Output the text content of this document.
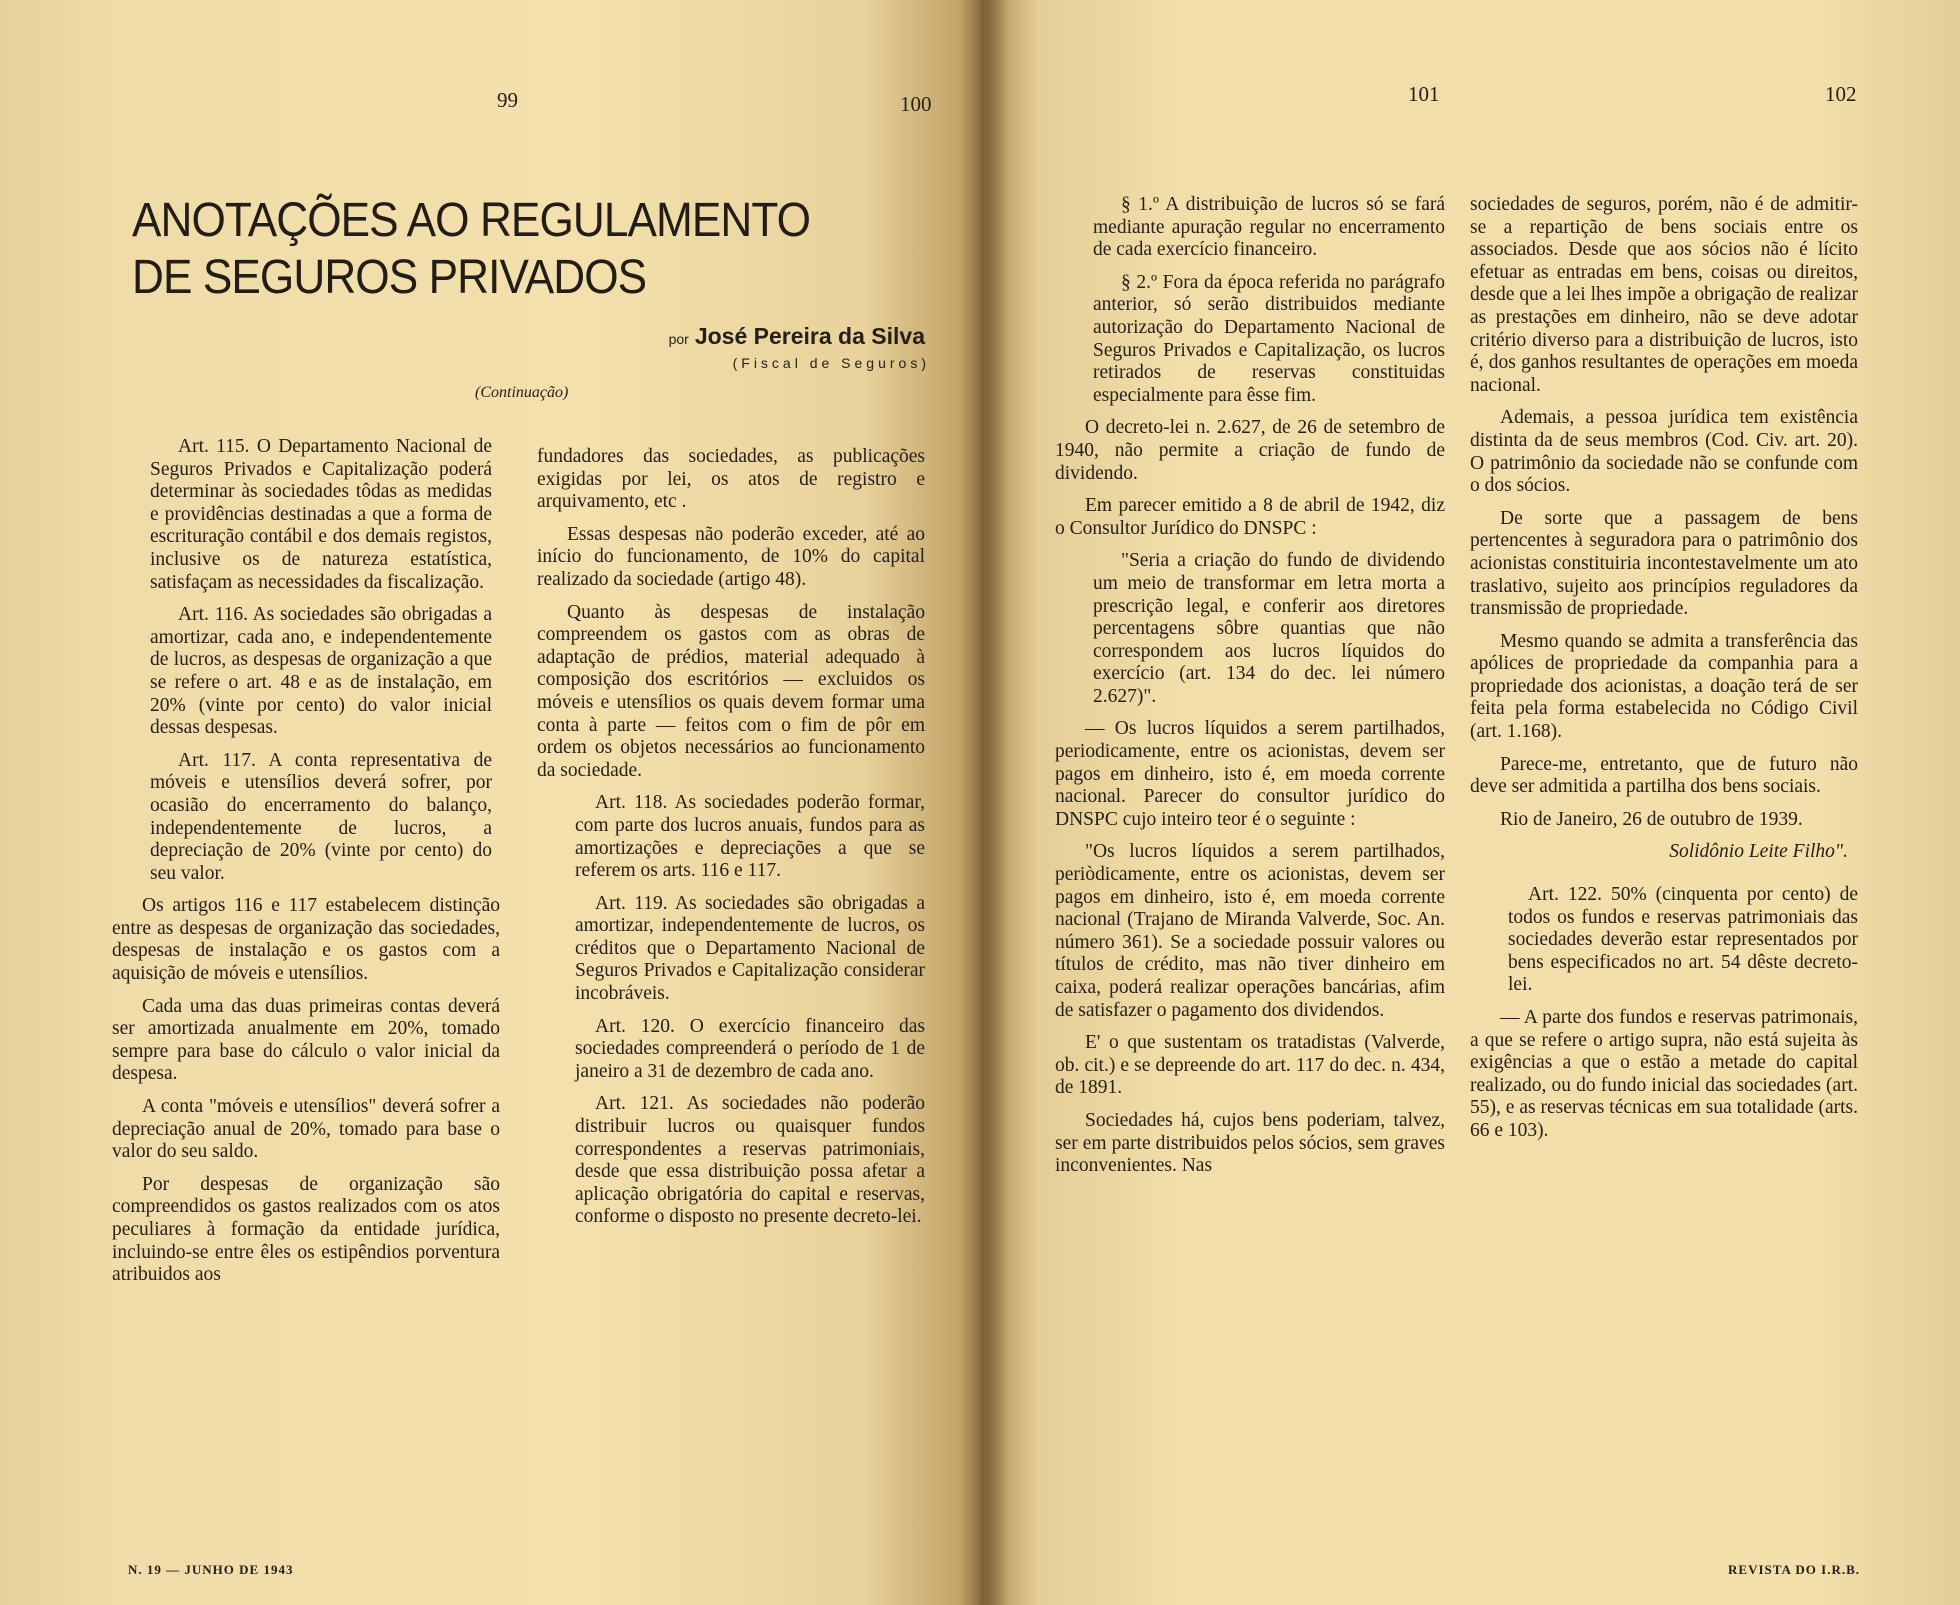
99	100
ANOTAÇÕES AO REGULAMENTO
DE SEGUROS PRIVADOS
por José Pereira da Silva
(Fiscal de Seguros)
(Continuação)

Art. 115. O Departamento Nacional de Seguros Privados e Capitalização poderá determinar às sociedades tôdas as medidas e providências destinadas a que a forma de escrituração contábil e dos demais registos, inclusive os de natureza estatística, satisfaçam as necessidades da fiscalização.

Art. 116. As sociedades são obrigadas a amortizar, cada ano, e independentemente de lucros, as despesas de organização a que se refere o art. 48 e as de instalação, em 20% (vinte por cento) do valor inicial dessas despesas.

Art. 117. A conta representativa de móveis e utensílios deverá sofrer, por ocasião do encerramento do balanço, independentemente de lucros, a depreciação de 20% (vinte por cento) do seu valor.

Os artigos 116 e 117 estabelecem distinção entre as despesas de organização das sociedades, despesas de instalação e os gastos com a aquisição de móveis e utensílios.

Cada uma das duas primeiras contas deverá ser amortizada anualmente em 20%, tomado sempre para base do cálculo o valor inicial da despesa.

A conta "móveis e utensílios" deverá sofrer a depreciação anual de 20%, tomado para base o valor do seu saldo.

Por despesas de organização são compreendidos os gastos realizados com os atos peculiares à formação da entidade jurídica, incluindo-se entre êles os estipêndios porventura atribuidos aos

fundadores das sociedades, as publicações exigidas por lei, os atos de registro e arquivamento, etc .

Essas despesas não poderão exceder, até ao início do funcionamento, de 10% do capital realizado da sociedade (artigo 48).

Quanto às despesas de instalação compreendem os gastos com as obras de adaptação de prédios, material adequado à composição dos escritórios — excluidos os móveis e utensílios os quais devem formar uma conta à parte — feitos com o fim de pôr em ordem os objetos necessários ao funcionamento da sociedade.

Art. 118. As sociedades poderão formar, com parte dos lucros anuais, fundos para as amortizações e depreciações a que se referem os arts. 116 e 117.

Art. 119. As sociedades são obrigadas a amortizar, independentemente de lucros, os créditos que o Departamento Nacional de Seguros Privados e Capitalização considerar incobráveis.

Art. 120. O exercício financeiro das sociedades compreenderá o período de 1 de janeiro a 31 de dezembro de cada ano.

Art. 121. As sociedades não poderão distribuir lucros ou quaisquer fundos correspondentes a reservas patrimoniais, desde que essa distribuição possa afetar a aplicação obrigatória do capital e reservas, conforme o disposto no presente decreto-lei.

N. 19 — JUNHO DE 1943
101	102

§ 1.º A distribuição de lucros só se fará mediante apuração regular no encerramento de cada exercício financeiro.

§ 2.º Fora da época referida no parágrafo anterior, só serão distribuidos mediante autorização do Departamento Nacional de Seguros Privados e Capitalização, os lucros retirados de reservas constituidas especialmente para êsse fim.

O decreto-lei n. 2.627, de 26 de setembro de 1940, não permite a criação de fundo de dividendo.

Em parecer emitido a 8 de abril de 1942, diz o Consultor Jurídico do DNSPC :

"Seria a criação do fundo de dividendo um meio de transformar em letra morta a prescrição legal, e conferir aos diretores percentagens sôbre quantias que não correspondem aos lucros líquidos do exercício (art. 134 do dec. lei número 2.627)".

— Os lucros líquidos a serem partilhados, periodicamente, entre os acionistas, devem ser pagos em dinheiro, isto é, em moeda corrente nacional. Parecer do consultor jurídico do DNSPC cujo inteiro teor é o seguinte :

"Os lucros líquidos a serem partilhados, periòdicamente, entre os acionistas, devem ser pagos em dinheiro, isto é, em moeda corrente nacional (Trajano de Miranda Valverde, Soc. An. número 361). Se a sociedade possuir valores ou títulos de crédito, mas não tiver dinheiro em caixa, poderá realizar operações bancárias, afim de satisfazer o pagamento dos dividendos.

E' o que sustentam os tratadistas (Valverde, ob. cit.) e se depreende do art. 117 do dec. n. 434, de 1891.

Sociedades há, cujos bens poderiam, talvez, ser em parte distribuidos pelos sócios, sem graves inconvenientes. Nas

sociedades de seguros, porém, não é de admitir-se a repartição de bens sociais entre os associados. Desde que aos sócios não é lícito efetuar as entradas em bens, coisas ou direitos, desde que a lei lhes impõe a obrigação de realizar as prestações em dinheiro, não se deve adotar critério diverso para a distribuição de lucros, isto é, dos ganhos resultantes de operações em moeda nacional.

Ademais, a pessoa jurídica tem existência distinta da de seus membros (Cod. Civ. art. 20). O patrimônio da sociedade não se confunde com o dos sócios.

De sorte que a passagem de bens pertencentes à seguradora para o patrimônio dos acionistas constituiria incontestavelmente um ato traslativo, sujeito aos princípios reguladores da transmissão de propriedade.

Mesmo quando se admita a transferência das apólices de propriedade da companhia para a propriedade dos acionistas, a doação terá de ser feita pela forma estabelecida no Código Civil (art. 1.168).

Parece-me, entretanto, que de futuro não deve ser admitida a partilha dos bens sociais.

Rio de Janeiro, 26 de outubro de 1939.

Solidônio Leite Filho".

Art. 122. 50% (cinquenta por cento) de todos os fundos e reservas patrimoniais das sociedades deverão estar representados por bens especificados no art. 54 dêste decreto-lei.

— A parte dos fundos e reservas patrimonais, a que se refere o artigo supra, não está sujeita às exigências a que o estão a metade do capital realizado, ou do fundo inicial das sociedades (art. 55), e as reservas técnicas em sua totalidade (arts. 66 e 103).

REVISTA DO I.R.B.
